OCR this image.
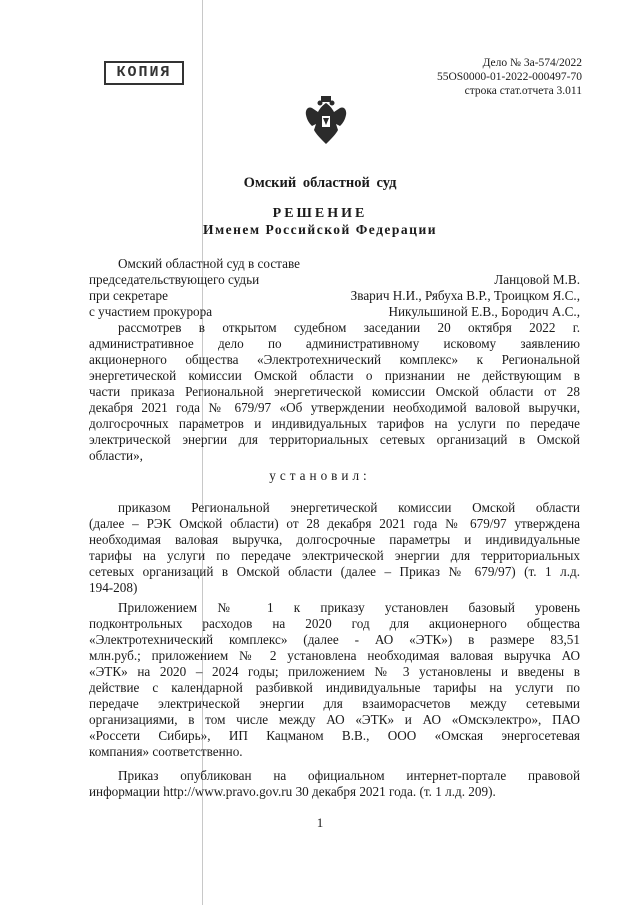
КОПИЯ
Дело № 3а-574/2022
55OS0000-01-2022-000497-70
строка стат.отчета 3.011
Омский областной суд
РЕШЕНИЕ
Именем Российской Федерации
Омский областной суд в составе
председательствующего судьи	Ланцовой М.В.
при секретаре	Зварич Н.И., Рябуха В.Р., Троицком Я.С.,
с участием прокурора	Никульшиной Е.В., Бородич А.С.,
рассмотрев в открытом судебном заседании 20 октября 2022 г.
административное дело по административному исковому заявлению
акционерного общества «Электротехнический комплекс» к Региональной
энергетической комиссии Омской области о признании не действующим в
части приказа Региональной энергетической комиссии Омской области от 28
декабря 2021 года № 679/97 «Об утверждении необходимой валовой выручки,
долгосрочных параметров и индивидуальных тарифов на услуги по передаче
электрической энергии для территориальных сетевых организаций в Омской
области»,
установил:
приказом Региональной энергетической комиссии Омской области
(далее – РЭК Омской области) от 28 декабря 2021 года № 679/97 утверждена
необходимая валовая выручка, долгосрочные параметры и индивидуальные
тарифы на услуги по передаче электрической энергии для территориальных
сетевых организаций в Омской области (далее – Приказ № 679/97) (т. 1 л.д.
194-208)
Приложением № 1 к приказу установлен базовый уровень
подконтрольных расходов на 2020 год для акционерного общества
«Электротехнический комплекс» (далее - АО «ЭТК») в размере 83,51
млн.руб.; приложением № 2 установлена необходимая валовая выручка АО
«ЭТК» на 2020 – 2024 годы; приложением № 3 установлены и введены в
действие с календарной разбивкой индивидуальные тарифы на услуги по
передаче электрической энергии для взаиморасчетов между сетевыми
организациями, в том числе между АО «ЭТК» и АО «Омскэлектро», ПАО
«Россети Сибирь», ИП Кацманом В.В., ООО «Омская энергосетевая
компания» соответственно.
Приказ опубликован на официальном интернет-портале правовой
информации http://www.pravo.gov.ru 30 декабря 2021 года. (т. 1 л.д. 209).
1
